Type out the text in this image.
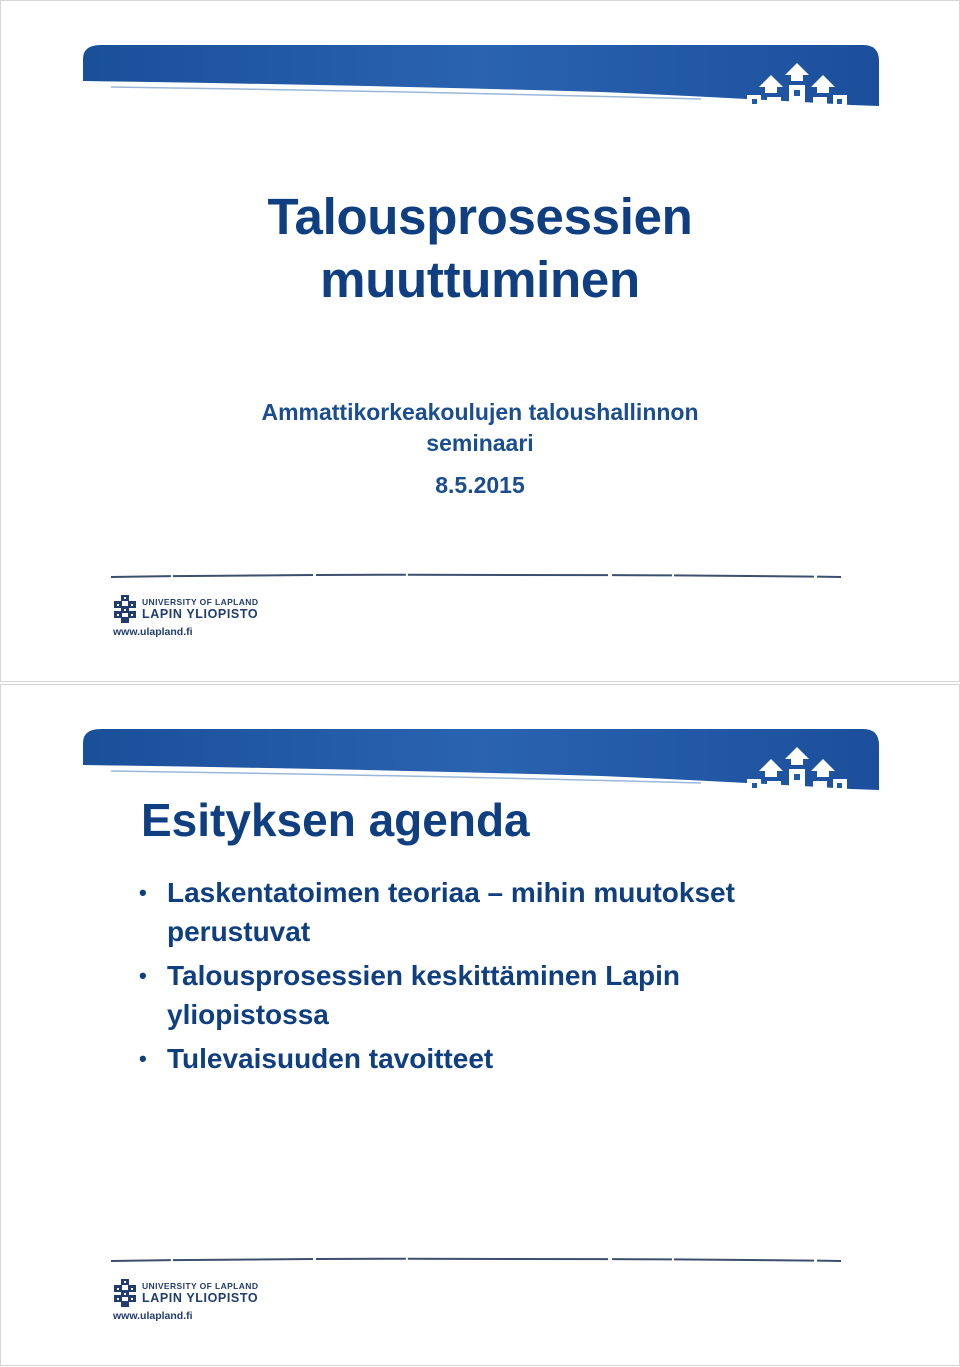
Talousprosessien
muuttuminen
Ammattikorkeakoulujen taloushallinnon
seminaari
8.5.2015
UNIVERSITY OF LAPLAND
LAPIN YLIOPISTO
www.ulapland.fi
Esityksen agenda
• Laskentatoimen teoriaa – mihin muutokset perustuvat
• Talousprosessien keskittäminen Lapin yliopistossa
• Tulevaisuuden tavoitteet
UNIVERSITY OF LAPLAND
LAPIN YLIOPISTO
www.ulapland.fi
